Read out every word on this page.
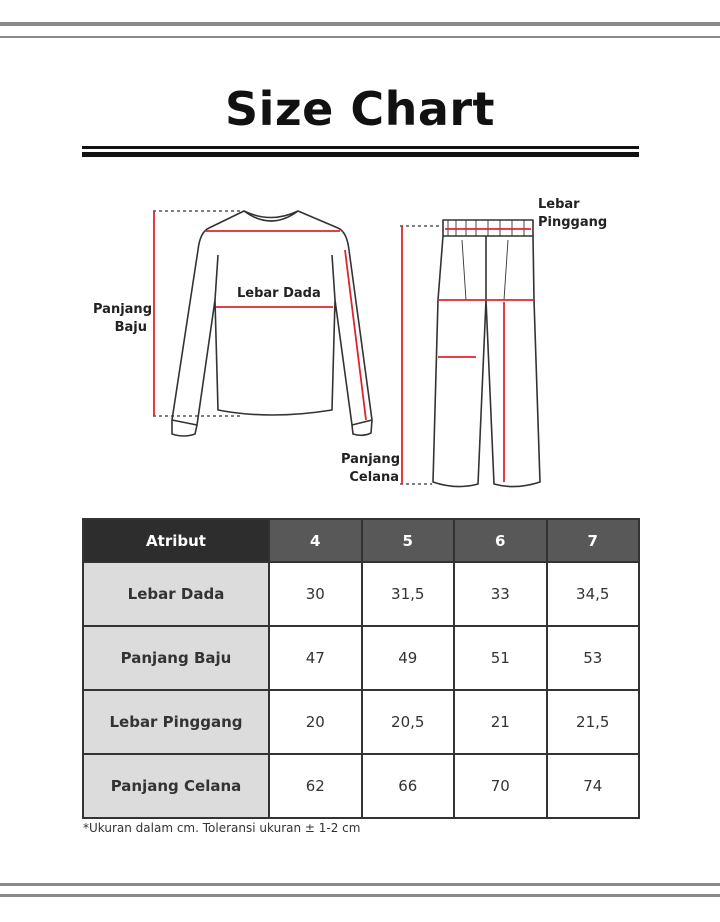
Size Chart
Panjang
Baju
Lebar Dada
Lebar
Pinggang
Panjang
Celana
Atribut	4	5	6	7
Lebar Dada	30	31,5	33	34,5
Panjang Baju	47	49	51	53
Lebar Pinggang	20	20,5	21	21,5
Panjang Celana	62	66	70	74
*Ukuran dalam cm. Toleransi ukuran ± 1-2 cm
